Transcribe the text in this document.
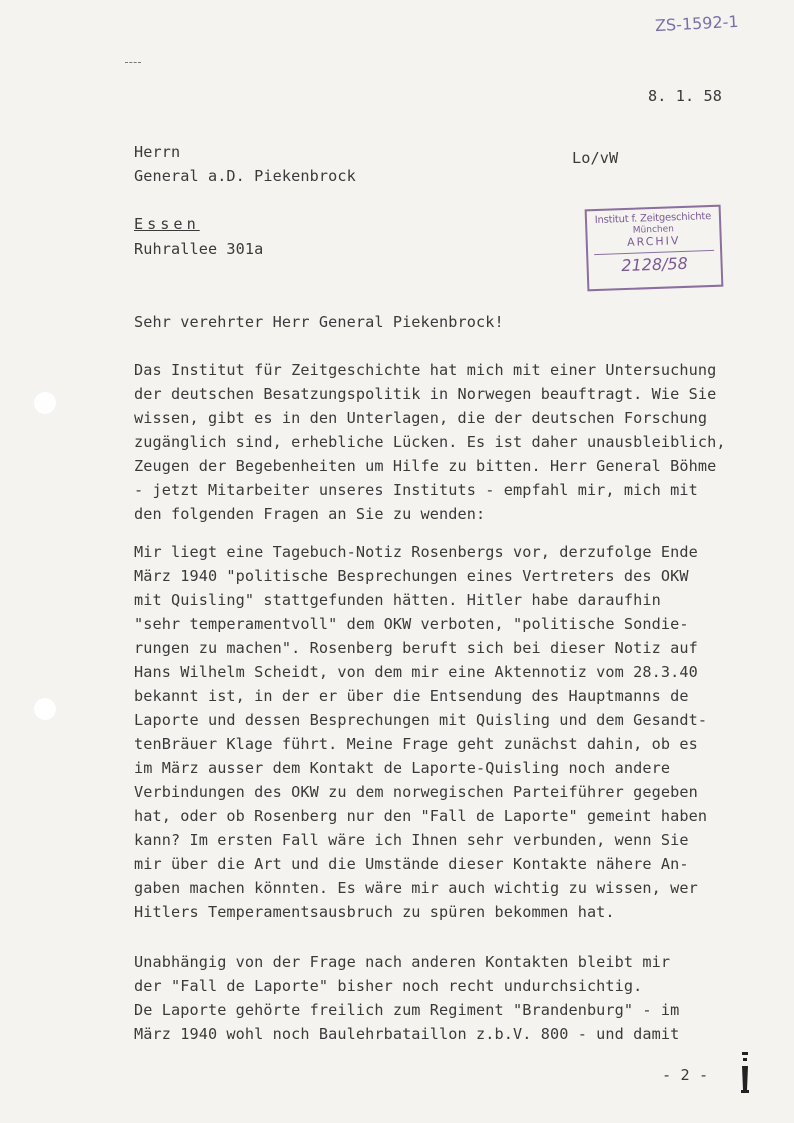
ZS-1592-1
8. 1. 58
Herrn
General a.D. Piekenbrock
Lo/vW
Essen
Ruhrallee 301a
Institut f. Zeitgeschichte
München
ARCHIV
2128/58
Sehr verehrter Herr General Piekenbrock!
Das Institut für Zeitgeschichte hat mich mit einer Untersuchung
der deutschen Besatzungspolitik in Norwegen beauftragt. Wie Sie
wissen, gibt es in den Unterlagen, die der deutschen Forschung
zugänglich sind, erhebliche Lücken. Es ist daher unausbleiblich,
Zeugen der Begebenheiten um Hilfe zu bitten. Herr General Böhme
- jetzt Mitarbeiter unseres Instituts - empfahl mir, mich mit
den folgenden Fragen an Sie zu wenden:
Mir liegt eine Tagebuch-Notiz Rosenbergs vor, derzufolge Ende
März 1940 "politische Besprechungen eines Vertreters des OKW
mit Quisling" stattgefunden hätten. Hitler habe daraufhin
"sehr temperamentvoll" dem OKW verboten, "politische Sondie-
rungen zu machen". Rosenberg beruft sich bei dieser Notiz auf
Hans Wilhelm Scheidt, von dem mir eine Aktennotiz vom 28.3.40
bekannt ist, in der er über die Entsendung des Hauptmanns de
Laporte und dessen Besprechungen mit Quisling und dem Gesandt-
tenBräuer Klage führt. Meine Frage geht zunächst dahin, ob es
im März ausser dem Kontakt de Laporte-Quisling noch andere
Verbindungen des OKW zu dem norwegischen Parteiführer gegeben
hat, oder ob Rosenberg nur den "Fall de Laporte" gemeint haben
kann? Im ersten Fall wäre ich Ihnen sehr verbunden, wenn Sie
mir über die Art und die Umstände dieser Kontakte nähere An-
gaben machen könnten. Es wäre mir auch wichtig zu wissen, wer
Hitlers Temperamentsausbruch zu spüren bekommen hat.
Unabhängig von der Frage nach anderen Kontakten bleibt mir
der "Fall de Laporte" bisher noch recht undurchsichtig.
De Laporte gehörte freilich zum Regiment "Brandenburg" - im
März 1940 wohl noch Baulehrbataillon z.b.V. 800 - und damit
- 2 -
